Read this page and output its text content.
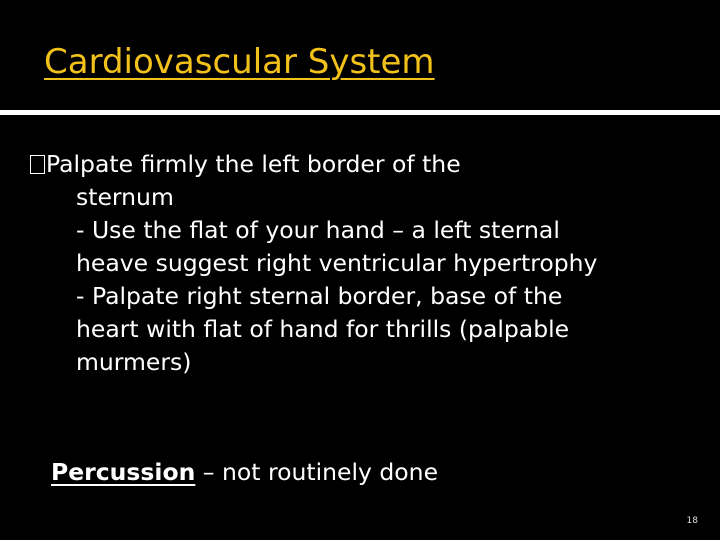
Cardiovascular System
Palpate firmly the left border of the
sternum
- Use the flat of your hand – a left sternal
heave suggest right ventricular hypertrophy
- Palpate right sternal border, base of the
heart with flat of hand for thrills (palpable
murmers)
Percussion – not routinely done
18
